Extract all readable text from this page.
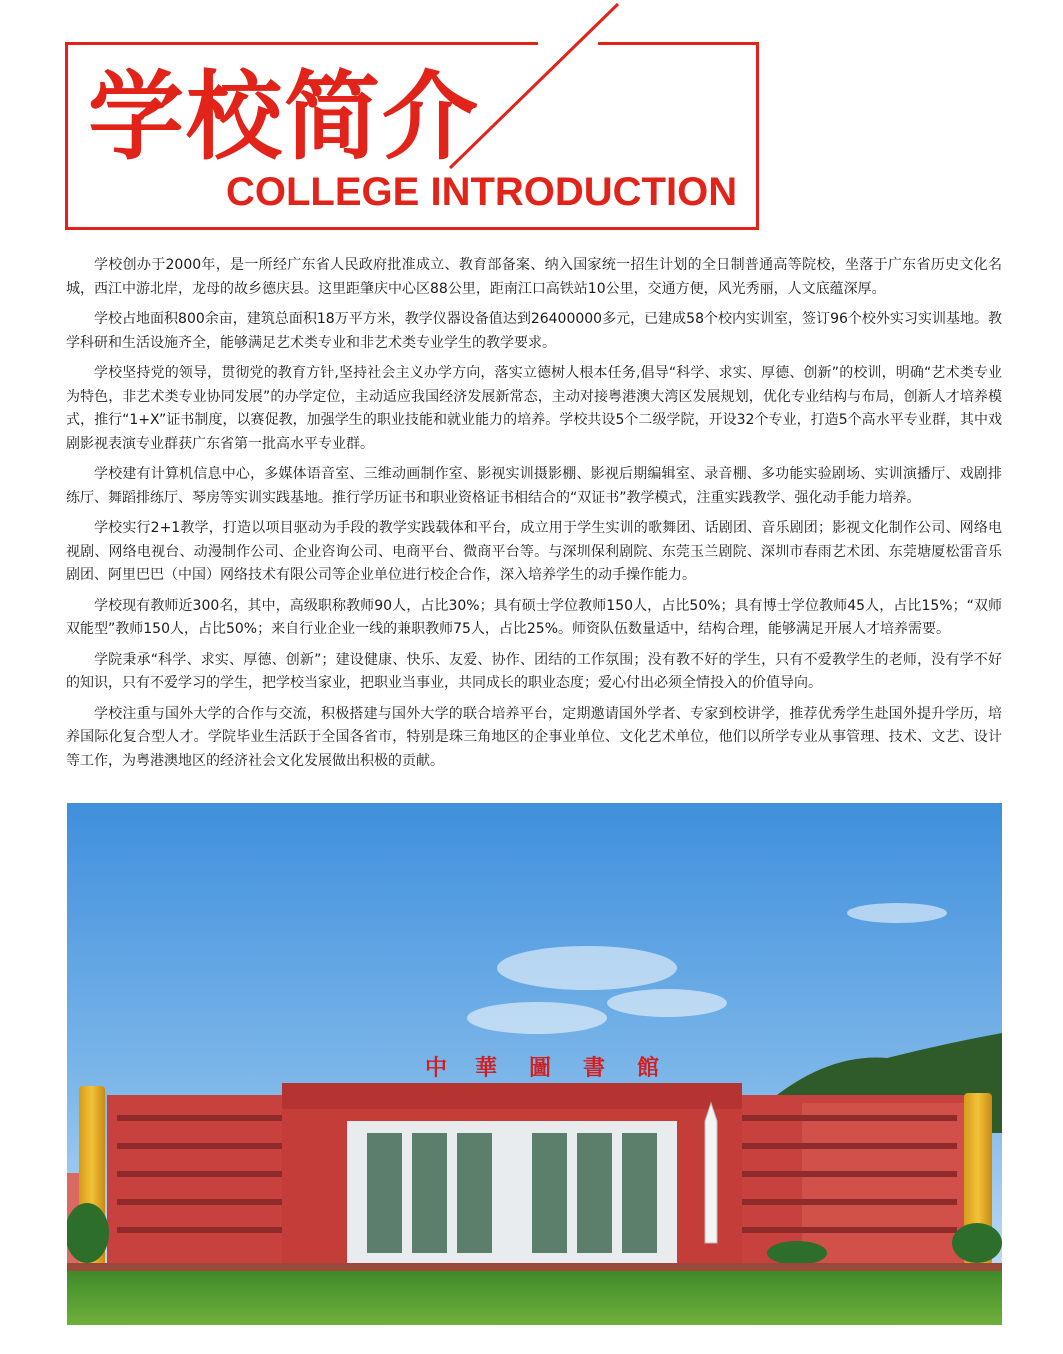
学校简介
COLLEGE INTRODUCTION

学校创办于2000年，是一所经广东省人民政府批准成立、教育部备案、纳入国家统一招生计划的全日制普通高等院校，坐落于广东省历史文化名城，西江中游北岸，龙母的故乡德庆县。这里距肇庆中心区88公里，距南江口高铁站10公里，交通方便，风光秀丽，人文底蕴深厚。

学校占地面积800余亩，建筑总面积18万平方米，教学仪器设备值达到26400000多元，已建成58个校内实训室，签订96个校外实习实训基地。教学科研和生活设施齐全，能够满足艺术类专业和非艺术类专业学生的教学要求。

学校坚持党的领导，贯彻党的教育方针,坚持社会主义办学方向，落实立德树人根本任务,倡导“科学、求实、厚德、创新”的校训，明确“艺术类专业为特色，非艺术类专业协同发展”的办学定位，主动适应我国经济发展新常态，主动对接粤港澳大湾区发展规划，优化专业结构与布局，创新人才培养模式，推行“1+X”证书制度，以赛促教，加强学生的职业技能和就业能力的培养。学校共设5个二级学院，开设32个专业，打造5个高水平专业群，其中戏剧影视表演专业群获广东省第一批高水平专业群。

学校建有计算机信息中心，多媒体语音室、三维动画制作室、影视实训摄影棚、影视后期编辑室、录音棚、多功能实验剧场、实训演播厅、戏剧排练厅、舞蹈排练厅、琴房等实训实践基地。推行学历证书和职业资格证书相结合的“双证书”教学模式，注重实践教学、强化动手能力培养。

学校实行2+1教学，打造以项目驱动为手段的教学实践载体和平台，成立用于学生实训的歌舞团、话剧团、音乐剧团；影视文化制作公司、网络电视剧、网络电视台、动漫制作公司、企业咨询公司、电商平台、微商平台等。与深圳保利剧院、东莞玉兰剧院、深圳市春雨艺术团、东莞塘厦松雷音乐剧团、阿里巴巴（中国）网络技术有限公司等企业单位进行校企合作，深入培养学生的动手操作能力。

学校现有教师近300名，其中，高级职称教师90人，占比30%；具有硕士学位教师150人，占比50%；具有博士学位教师45人，占比15%；“双师双能型”教师150人，占比50%；来自行业企业一线的兼职教师75人，占比25%。师资队伍数量适中，结构合理，能够满足开展人才培养需要。

学院秉承“科学、求实、厚德、创新”；建设健康、快乐、友爱、协作、团结的工作氛围；没有教不好的学生，只有不爱教学生的老师，没有学不好的知识，只有不爱学习的学生，把学校当家业，把职业当事业，共同成长的职业态度；爱心付出必须全情投入的价值导向。

学校注重与国外大学的合作与交流，积极搭建与国外大学的联合培养平台，定期邀请国外学者、专家到校讲学，推荐优秀学生赴国外提升学历，培养国际化复合型人才。学院毕业生活跃于全国各省市，特别是珠三角地区的企事业单位、文化艺术单位，他们以所学专业从事管理、技术、文艺、设计等工作，为粤港澳地区的经济社会文化发展做出积极的贡献。

中 華 圖 書 館
